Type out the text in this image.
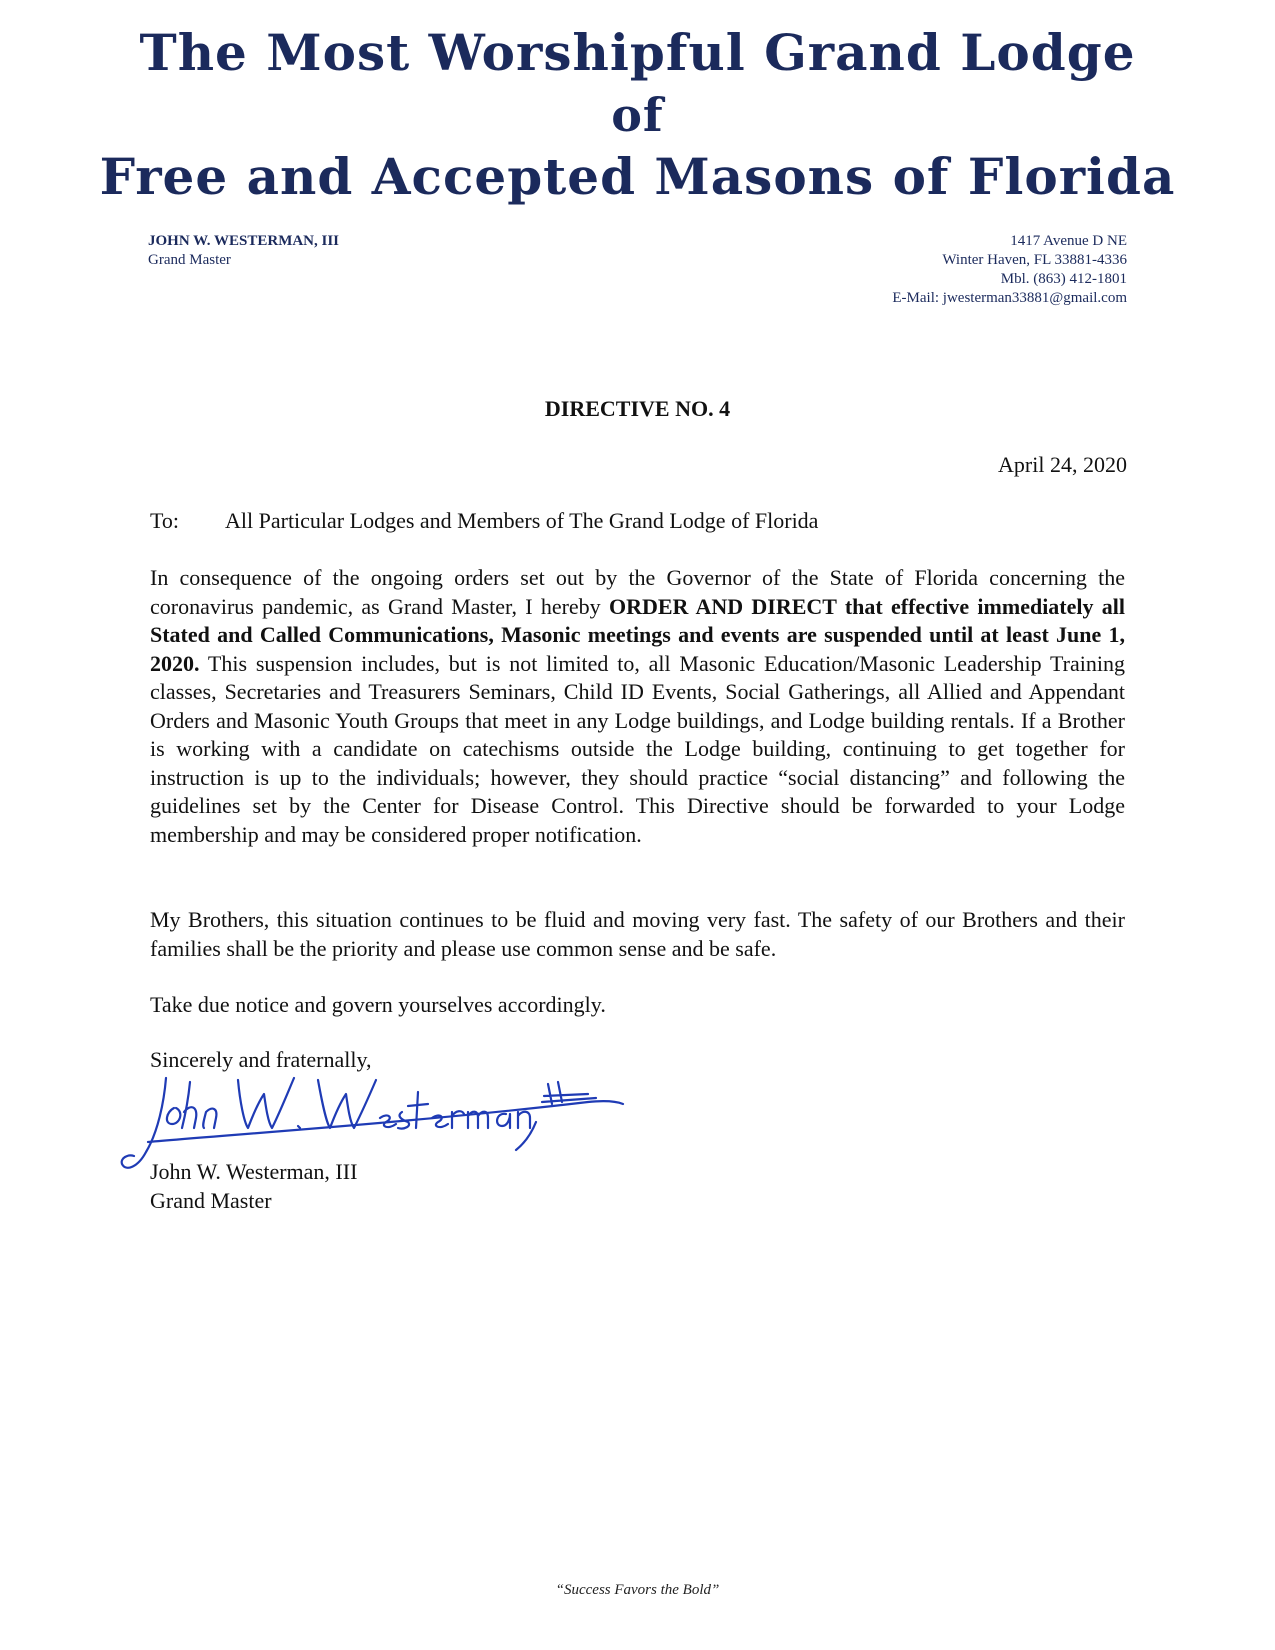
The Most Worshipful Grand Lodge
of
Free and Accepted Masons of Florida
JOHN W. WESTERMAN, III
Grand Master
1417 Avenue D NE
Winter Haven, FL 33881-4336
Mbl. (863) 412-1801
E-Mail: jwesterman33881@gmail.com
DIRECTIVE NO. 4
April 24, 2020
To: All Particular Lodges and Members of The Grand Lodge of Florida
In consequence of the ongoing orders set out by the Governor of the State of Florida concerning the coronavirus pandemic, as Grand Master, I hereby ORDER AND DIRECT that effective immediately all Stated and Called Communications, Masonic meetings and events are suspended until at least June 1, 2020. This suspension includes, but is not limited to, all Masonic Education/Masonic Leadership Training classes, Secretaries and Treasurers Seminars, Child ID Events, Social Gatherings, all Allied and Appendant Orders and Masonic Youth Groups that meet in any Lodge buildings, and Lodge building rentals. If a Brother is working with a candidate on catechisms outside the Lodge building, continuing to get together for instruction is up to the individuals; however, they should practice “social distancing” and following the guidelines set by the Center for Disease Control. This Directive should be forwarded to your Lodge membership and may be considered proper notification.
My Brothers, this situation continues to be fluid and moving very fast. The safety of our Brothers and their families shall be the priority and please use common sense and be safe.
Take due notice and govern yourselves accordingly.
Sincerely and fraternally,
John W. Westerman, III
John W. Westerman, III
Grand Master
“Success Favors the Bold”
